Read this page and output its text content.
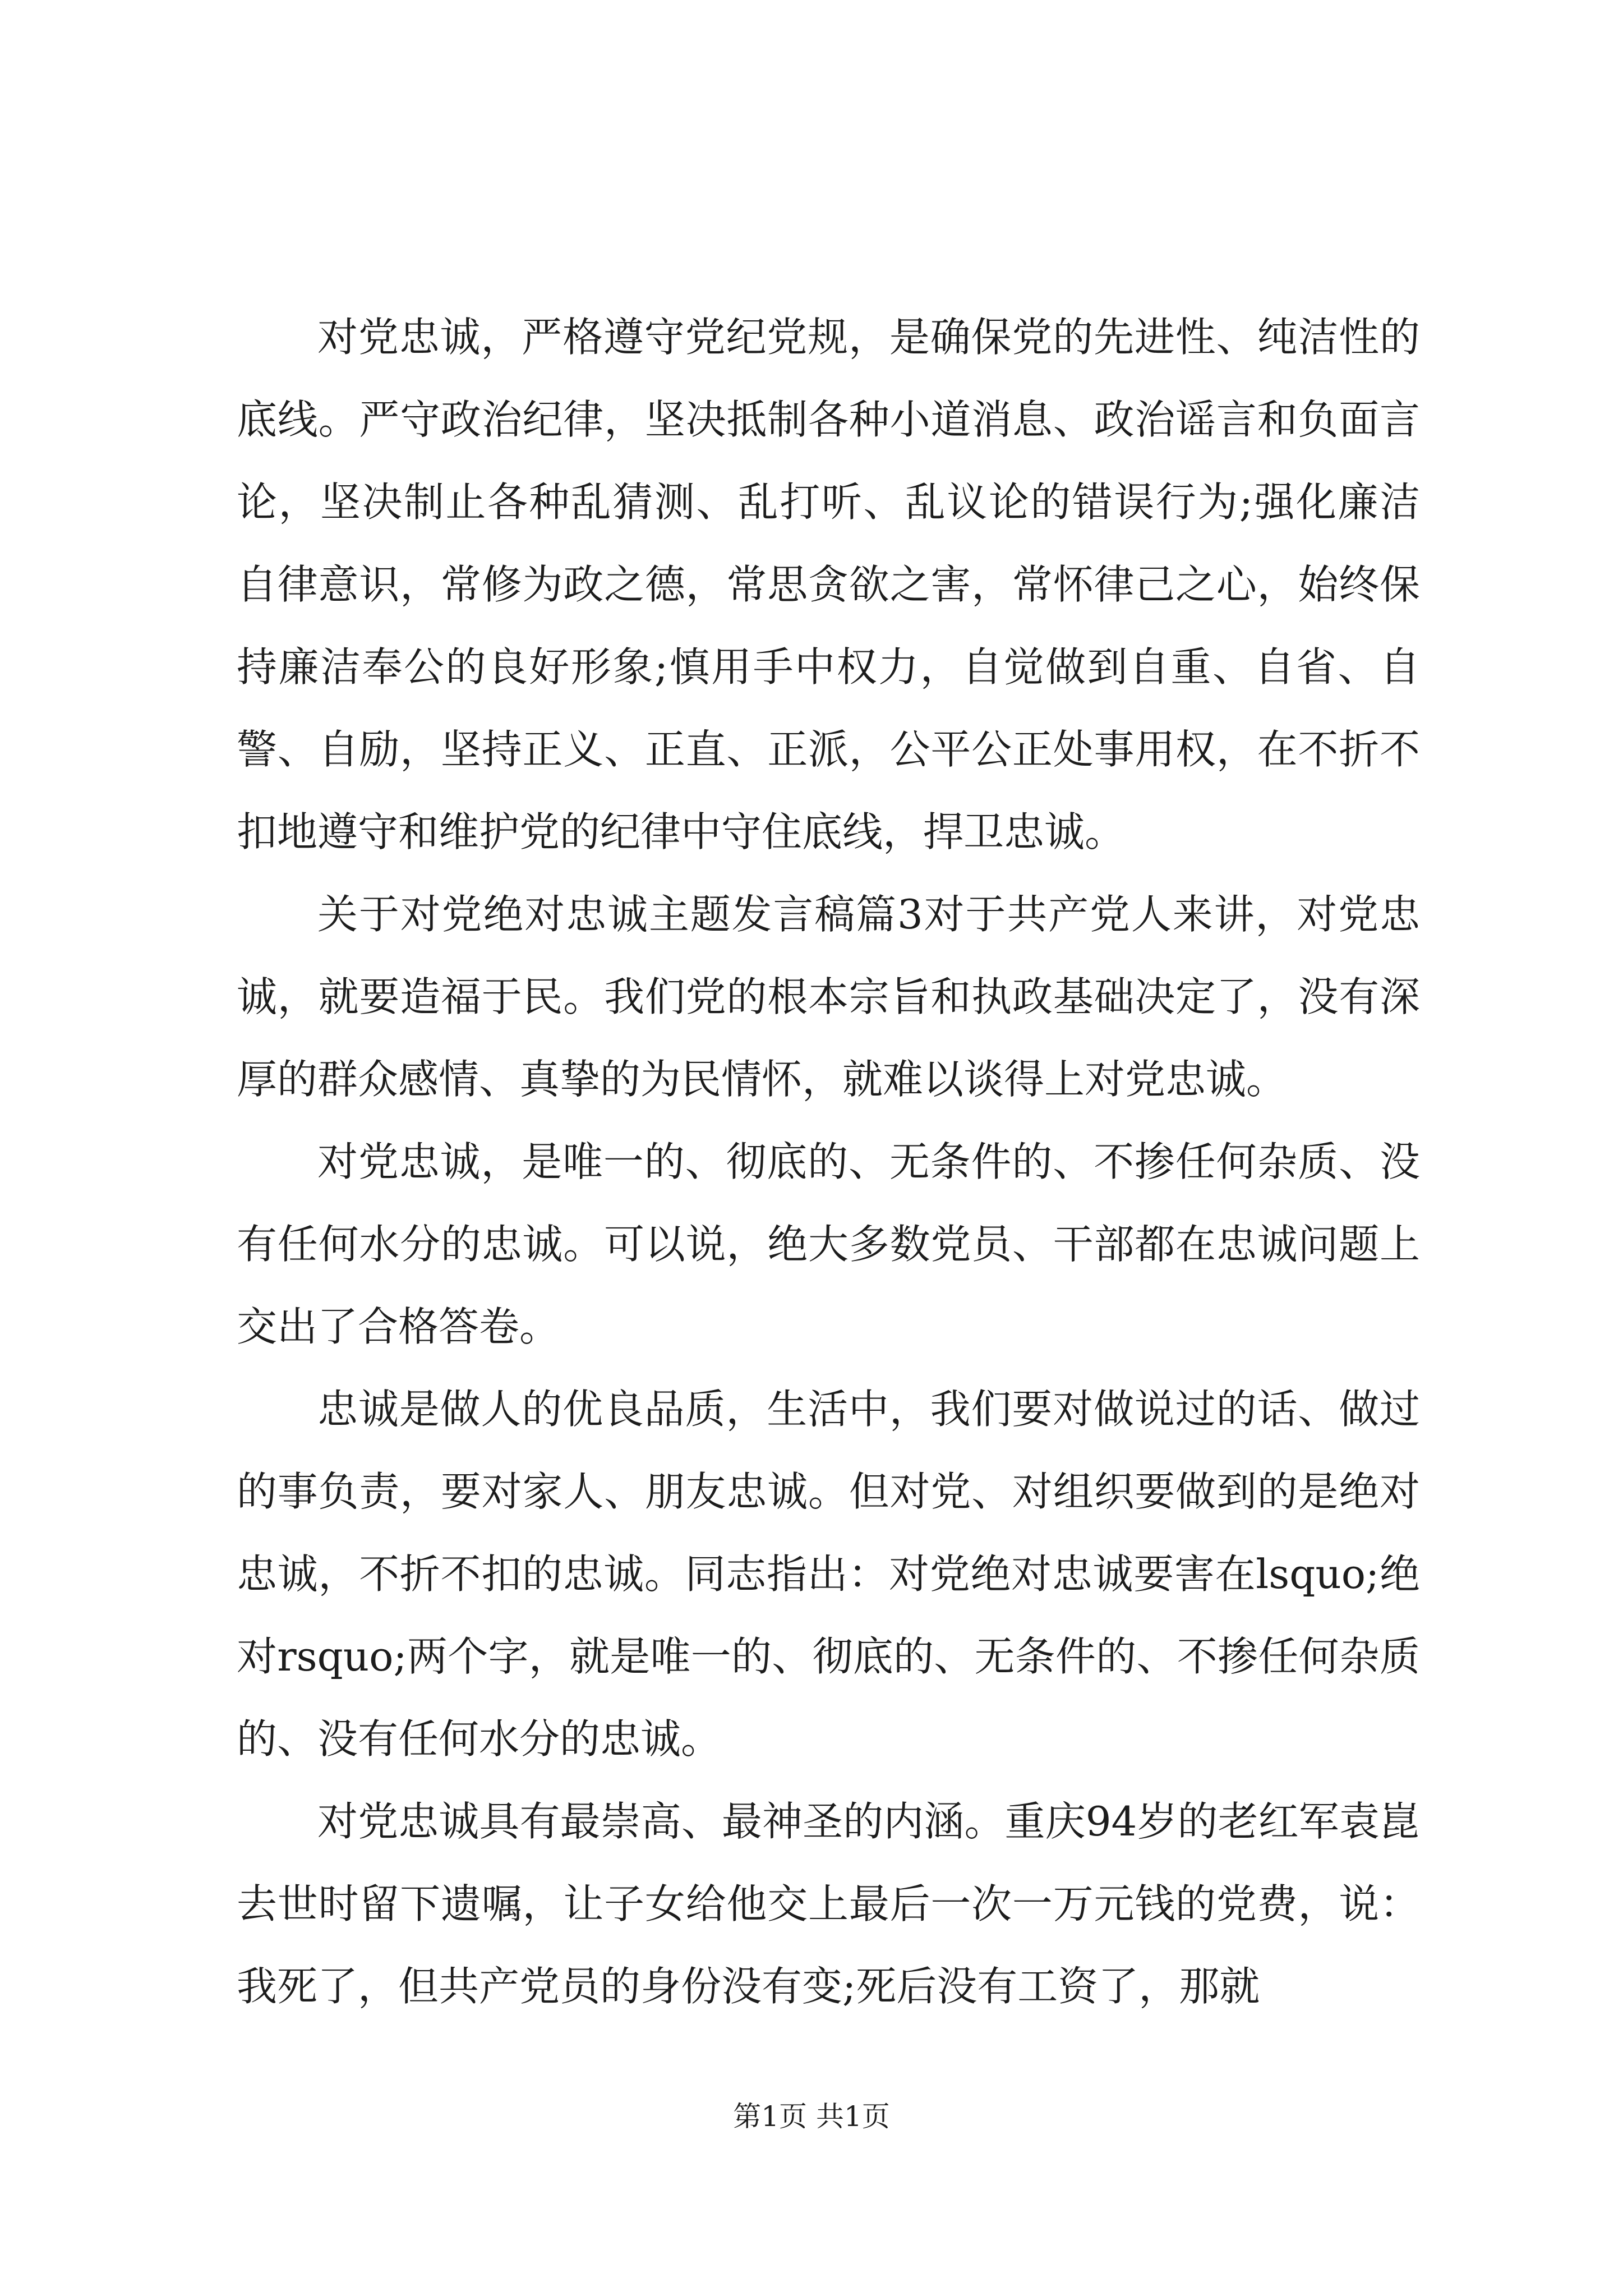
对党忠诚，严格遵守党纪党规，是确保党的先进性、纯洁性的底线。严守政治纪律，坚决抵制各种小道消息、政治谣言和负面言论，坚决制止各种乱猜测、乱打听、乱议论的错误行为;强化廉洁自律意识，常修为政之德，常思贪欲之害，常怀律己之心，始终保持廉洁奉公的良好形象;慎用手中权力，自觉做到自重、自省、自警、自励，坚持正义、正直、正派，公平公正处事用权，在不折不扣地遵守和维护党的纪律中守住底线，捍卫忠诚。

关于对党绝对忠诚主题发言稿篇3对于共产党人来讲，对党忠诚，就要造福于民。我们党的根本宗旨和执政基础决定了，没有深厚的群众感情、真挚的为民情怀，就难以谈得上对党忠诚。

对党忠诚，是唯一的、彻底的、无条件的、不掺任何杂质、没有任何水分的忠诚。可以说，绝大多数党员、干部都在忠诚问题上交出了合格答卷。

忠诚是做人的优良品质，生活中，我们要对做说过的话、做过的事负责，要对家人、朋友忠诚。但对党、对组织要做到的是绝对忠诚，不折不扣的忠诚。同志指出：对党绝对忠诚要害在lsquo;绝对rsquo;两个字，就是唯一的、彻底的、无条件的、不掺任何杂质的、没有任何水分的忠诚。

对党忠诚具有最崇高、最神圣的内涵。重庆94岁的老红军袁崑去世时留下遗嘱，让子女给他交上最后一次一万元钱的党费，说：我死了，但共产党员的身份没有变;死后没有工资了，那就

第1页 共1页
